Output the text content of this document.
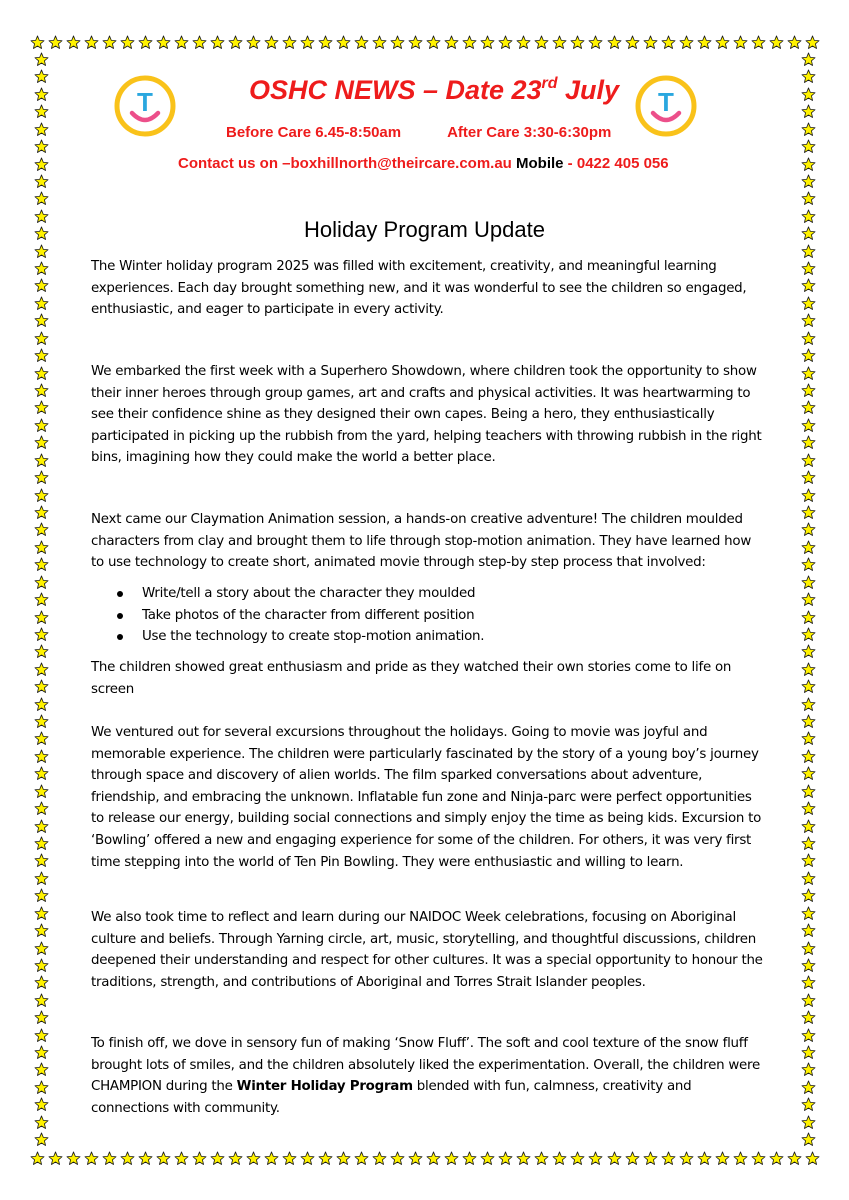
T	T
OSHC NEWS – Date 23rd July
Before Care 6.45-8:50am	After Care 3:30-6:30pm
Contact us on –boxhillnorth@theircare.com.au Mobile - 0422 405 056
Holiday Program Update
The Winter holiday program 2025 was filled with excitement, creativity, and meaningful learning experiences. Each day brought something new, and it was wonderful to see the children so engaged, enthusiastic, and eager to participate in every activity.
We embarked the first week with a Superhero Showdown, where children took the opportunity to show their inner heroes through group games, art and crafts and physical activities. It was heartwarming to see their confidence shine as they designed their own capes. Being a hero, they enthusiastically participated in picking up the rubbish from the yard, helping teachers with throwing rubbish in the right bins, imagining how they could make the world a better place.
Next came our Claymation Animation session, a hands-on creative adventure! The children moulded characters from clay and brought them to life through stop-motion animation. They have learned how to use technology to create short, animated movie through step-by step process that involved:
Write/tell a story about the character they moulded
Take photos of the character from different position
Use the technology to create stop-motion animation.
The children showed great enthusiasm and pride as they watched their own stories come to life on screen
We ventured out for several excursions throughout the holidays. Going to movie was joyful and memorable experience. The children were particularly fascinated by the story of a young boy’s journey through space and discovery of alien worlds. The film sparked conversations about adventure, friendship, and embracing the unknown. Inflatable fun zone and Ninja-parc were perfect opportunities to release our energy, building social connections and simply enjoy the time as being kids. Excursion to ‘Bowling’ offered a new and engaging experience for some of the children. For others, it was very first time stepping into the world of Ten Pin Bowling. They were enthusiastic and willing to learn.
We also took time to reflect and learn during our NAIDOC Week celebrations, focusing on Aboriginal culture and beliefs. Through Yarning circle, art, music, storytelling, and thoughtful discussions, children deepened their understanding and respect for other cultures. It was a special opportunity to honour the traditions, strength, and contributions of Aboriginal and Torres Strait Islander peoples.
To finish off, we dove in sensory fun of making ‘Snow Fluff’. The soft and cool texture of the snow fluff brought lots of smiles, and the children absolutely liked the experimentation. Overall, the children were CHAMPION during the Winter Holiday Program blended with fun, calmness, creativity and connections with community.
